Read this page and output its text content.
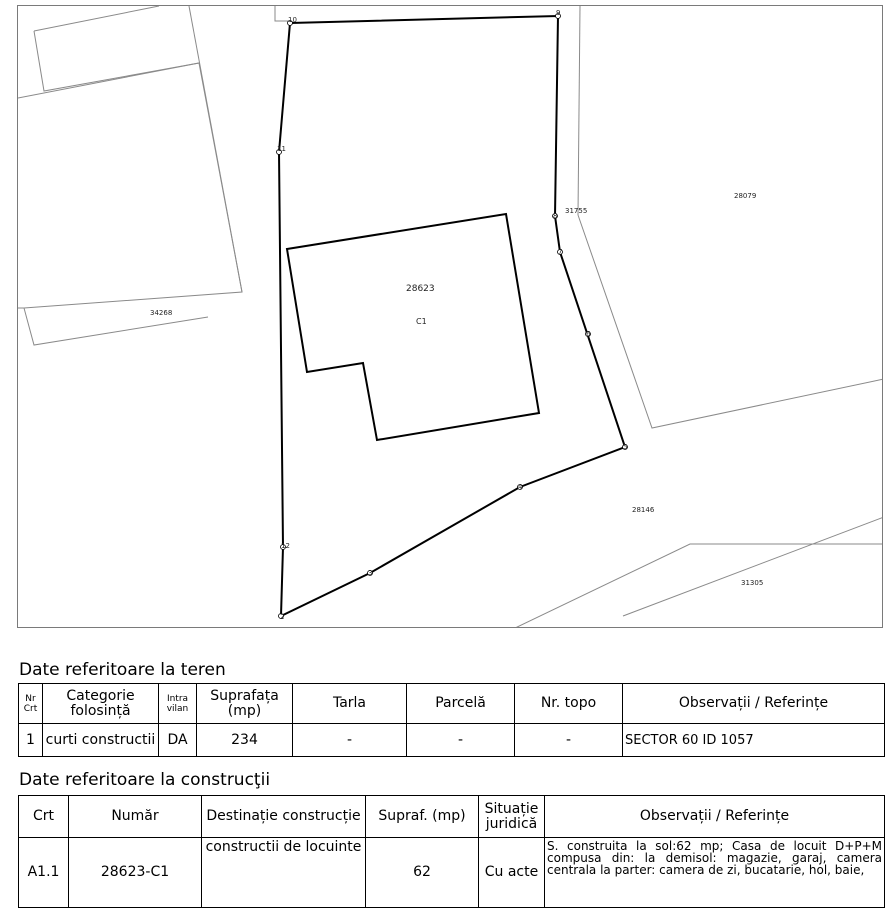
2
3
4
5
6
7
8
9
10
11
12
28623
C1
34268
31755
28079
28146
31305
Date referitoare la teren
Nr Crt	Categorie folosință	Intra vilan	Suprafața (mp)	Tarla	Parcelă	Nr. topo	Observații / Referințe
1	curti constructii	DA	234	-	-	-	SECTOR 60 ID 1057
Date referitoare la construcţii
Crt	Număr	Destinație construcție	Supraf. (mp)	Situație juridică	Observații / Referințe
A1.1	28623-C1	constructii de locuinte	62	Cu acte	S. construita la sol:62 mp; Casa de locuit D+P+M compusa din: la demisol: magazie, garaj, camera centrala la parter: camera de zi, bucatarie, hol, baie,
